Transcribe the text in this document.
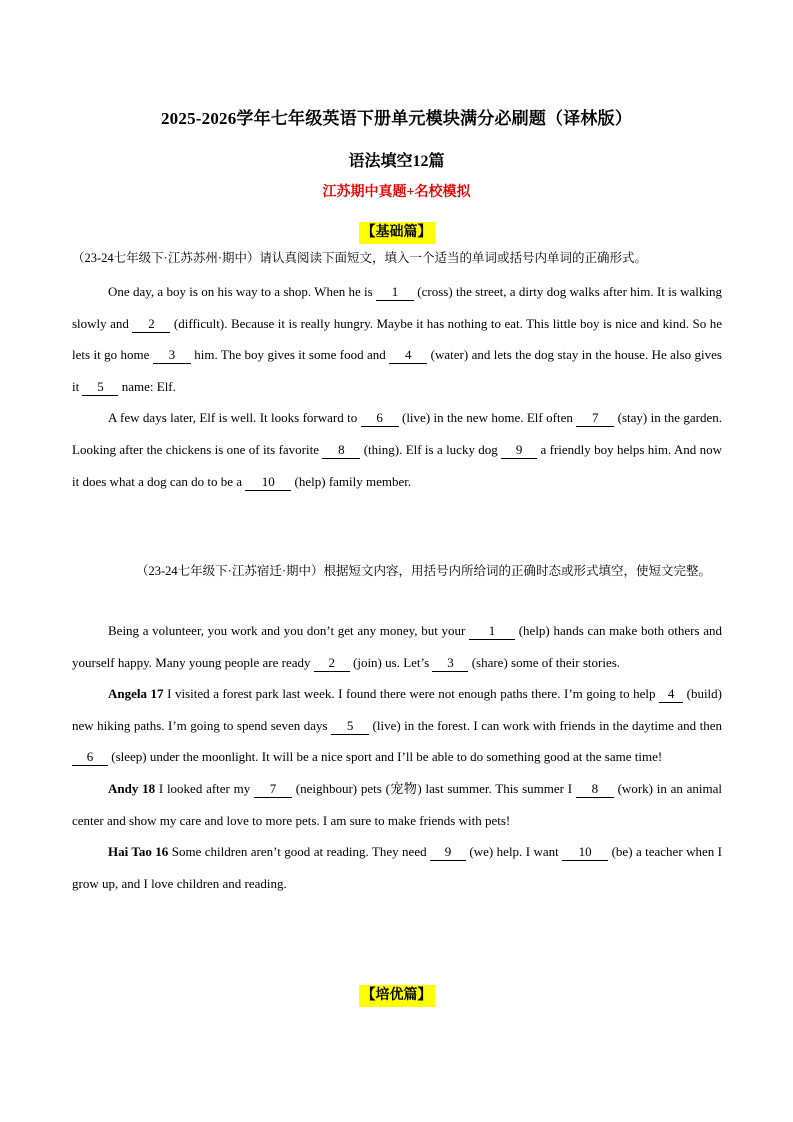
2025-2026学年七年级英语下册单元模块满分必刷题（译林版）
语法填空12篇
江苏期中真题+名校模拟
【基础篇】
（23-24七年级下·江苏苏州·期中）请认真阅读下面短文，填入一个适当的单词或括号内单词的正确形式。

One day, a boy is on his way to a shop. When he is 1 (cross) the street, a dirty dog walks after him. It is walking slowly and 2 (difficult). Because it is really hungry. Maybe it has nothing to eat. This little boy is nice and kind. So he lets it go home 3 him. The boy gives it some food and 4 (water) and lets the dog stay in the house. He also gives it 5 name: Elf.

A few days later, Elf is well. It looks forward to 6 (live) in the new home. Elf often 7 (stay) in the garden. Looking after the chickens is one of its favorite 8 (thing). Elf is a lucky dog 9 a friendly boy helps him. And now it does what a dog can do to be a 10 (help) family member.

（23-24七年级下·江苏宿迁·期中）根据短文内容，用括号内所给词的正确时态或形式填空，使短文完整。

Being a volunteer, you work and you don’t get any money, but your 1 (help) hands can make both others and yourself happy. Many young people are ready 2 (join) us. Let’s 3 (share) some of their stories.

Angela 17 I visited a forest park last week. I found there were not enough paths there. I’m going to help 4 (build) new hiking paths. I’m going to spend seven days 5 (live) in the forest. I can work with friends in the daytime and then 6 (sleep) under the moonlight. It will be a nice sport and I’ll be able to do something good at the same time!

Andy 18 I looked after my 7 (neighbour) pets (宠物) last summer. This summer I 8 (work) in an animal center and show my care and love to more pets. I am sure to make friends with pets!

Hai Tao 16 Some children aren’t good at reading. They need 9 (we) help. I want 10 (be) a teacher when I grow up, and I love children and reading.

【培优篇】
